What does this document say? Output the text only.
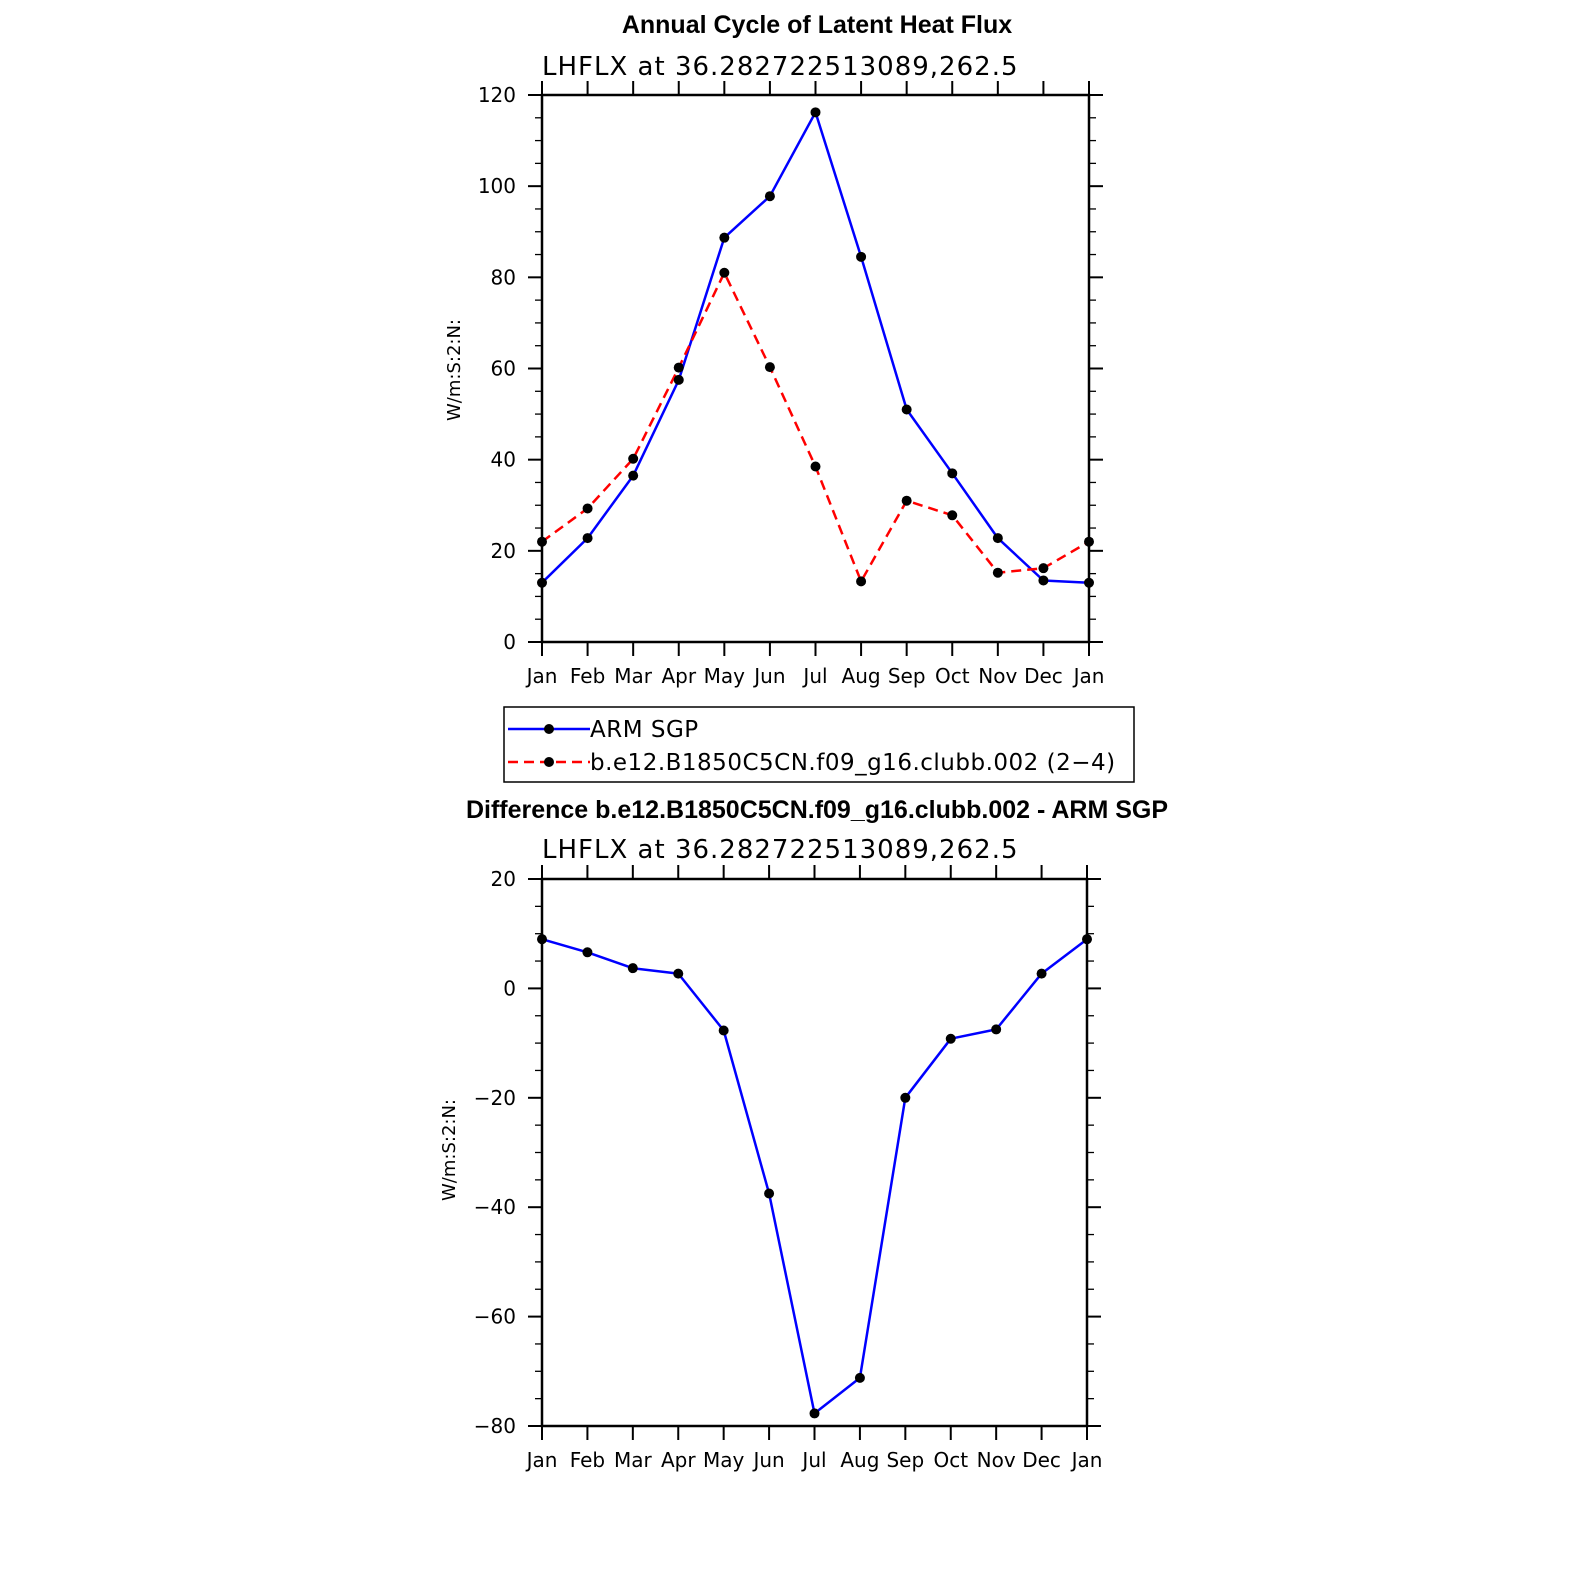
Annual Cycle of Latent Heat Flux
LHFLX at 36.282722513089,262.5
W/m:S:2:N:
0
20
40
60
80
100
120
Jan Feb Mar Apr May Jun Jul Aug Sep Oct Nov Dec Jan
ARM SGP
b.e12.B1850C5CN.f09_g16.clubb.002 (2−4)
Difference b.e12.B1850C5CN.f09_g16.clubb.002 - ARM SGP
LHFLX at 36.282722513089,262.5
W/m:S:2:N:
−80
−60
−40
−20
0
20
Jan Feb Mar Apr May Jun Jul Aug Sep Oct Nov Dec Jan
